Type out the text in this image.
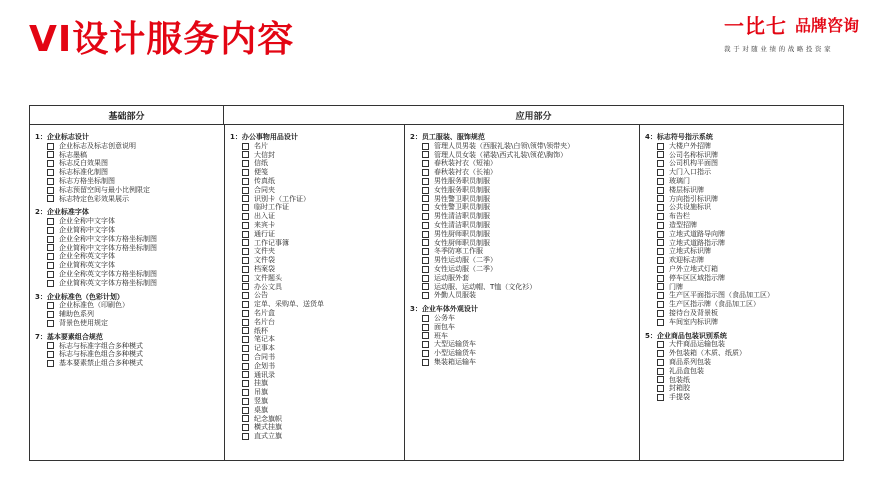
VI设计服务内容	一比七 品牌咨询
裁于对随业绩的战略投资家
基础部分	应用部分
1：企业标志设计
企业标志及标志创意说明
标志墨稿
标志反白效果图
标志标准化制图
标志方格坐标制图
标志预留空间与最小比例限定
标志特定色彩效果展示
2：企业标准字体
企业全称中文字体
企业简称中文字体
企业全称中文字体方格坐标制图
企业简称中文字体方格坐标制图
企业全称英文字体
企业简称英文字体
企业全称英文字体方格坐标制图
企业简称英文字体方格坐标制图
3：企业标准色（色彩计划）
企业标准色（印刷色）
辅助色系列
背景色使用规定
7：基本要素组合规范
标志与标准字组合多种模式
标志与标准色组合多种模式
基本要素禁止组合多种模式
1：办公事物用品设计
名片
大信封
信纸
便笺
传真纸
合同夹
识别卡（工作证）
临时工作证
出入证
来宾卡
通行证
工作记事簿
文件夹
文件袋
档案袋
文件题头
办公文具
公告
定单、采购单、送货单
名片盒
名片台
纸杯
笔记本
记事本
合同书
企划书
通讯录
挂旗
吊旗
竖旗
桌旗
纪念旗帜
横式挂旗
直式立旗
2：员工服装、服饰规范
管理人员男装（西服礼装\白领\领带\领带夹）
管理人员女装（裙装\西式礼装\领花\胸饰）
春秋装衬衣（短袖）
春秋装衬衣（长袖）
男性服务职员制服
女性服务职员制服
男性警卫职员制服
女性警卫职员制服
男性清洁职员制服
女性清洁职员制服
男性厨师职员制服
女性厨师职员制服
冬季防寒工作服
男性运动服（二季）
女性运动服（二季）
运动服外套
运动服、运动帽、T恤（文化衫）
外勤人员服装
3：企业车体外观设计
公务车
面包车
班车
大型运输货车
小型运输货车
集装箱运输车
4：标志符号指示系统
大楼户外招牌
公司名称标识牌
公司机构平面图
大门入口指示
玻璃门
楼层标识牌
方向指引标识牌
公共设施标识
布告栏
造型招牌
立地式道路导向牌
立地式道路指示牌
立地式标识牌
欢迎标志牌
户外立地式灯箱
停车区区域指示牌
门牌
生产区平面指示图（食品加工区）
生产区指示牌（食品加工区）
接待台及背景板
车间室内标识牌
5：企业商品包装识别系统
大件商品运输包装
外包装箱（木质、纸质）
商品系列包装
礼品盒包装
包装纸
封箱胶
手提袋
